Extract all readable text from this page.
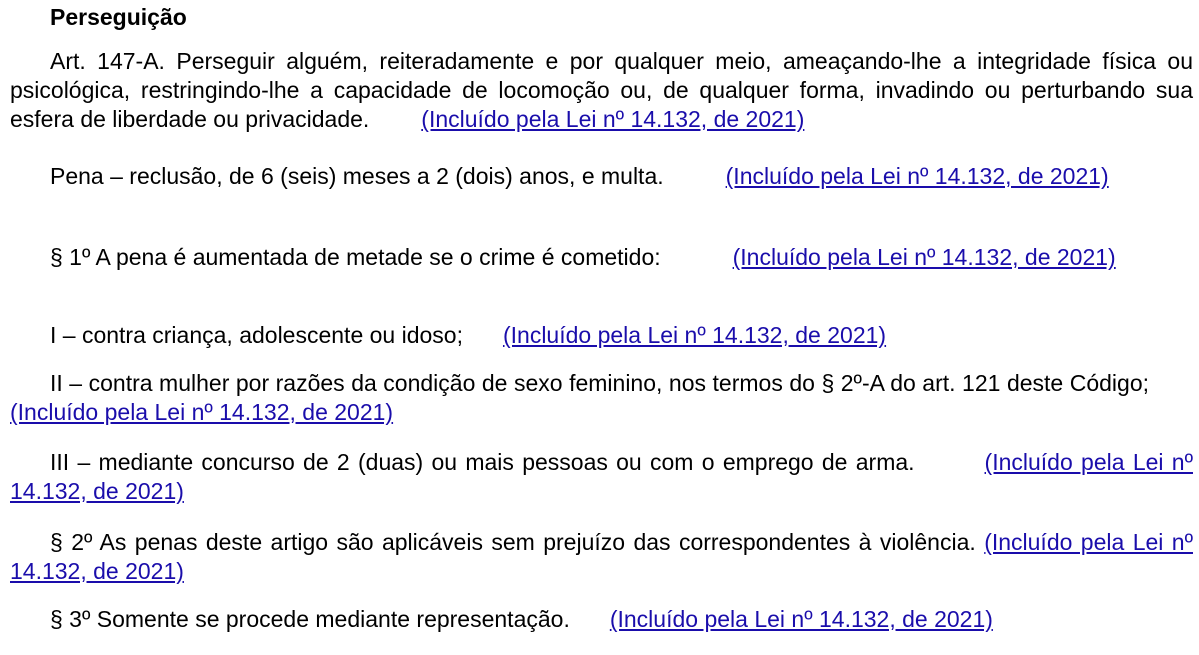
Perseguição

Art. 147-A. Perseguir alguém, reiteradamente e por qualquer meio, ameaçando-lhe a integridade física ou psicológica, restringindo-lhe a capacidade de locomoção ou, de qualquer forma, invadindo ou perturbando sua esfera de liberdade ou privacidade. (Incluído pela Lei nº 14.132, de 2021)

Pena – reclusão, de 6 (seis) meses a 2 (dois) anos, e multa.	(Incluído pela Lei nº 14.132, de 2021)

§ 1º A pena é aumentada de metade se o crime é cometido:	(Incluído pela Lei nº 14.132, de 2021)

I – contra criança, adolescente ou idoso; (Incluído pela Lei nº 14.132, de 2021)

II – contra mulher por razões da condição de sexo feminino, nos termos do § 2º-A do art. 121 deste Código;(Incluído pela Lei nº 14.132, de 2021)

III – mediante concurso de 2 (duas) ou mais pessoas ou com o emprego de arma.	(Incluído pela Lei nº 14.132, de 2021)

§ 2º As penas deste artigo são aplicáveis sem prejuízo das correspondentes à violência. (Incluído pela Lei nº 14.132, de 2021)

§ 3º Somente se procede mediante representação. (Incluído pela Lei nº 14.132, de 2021)
